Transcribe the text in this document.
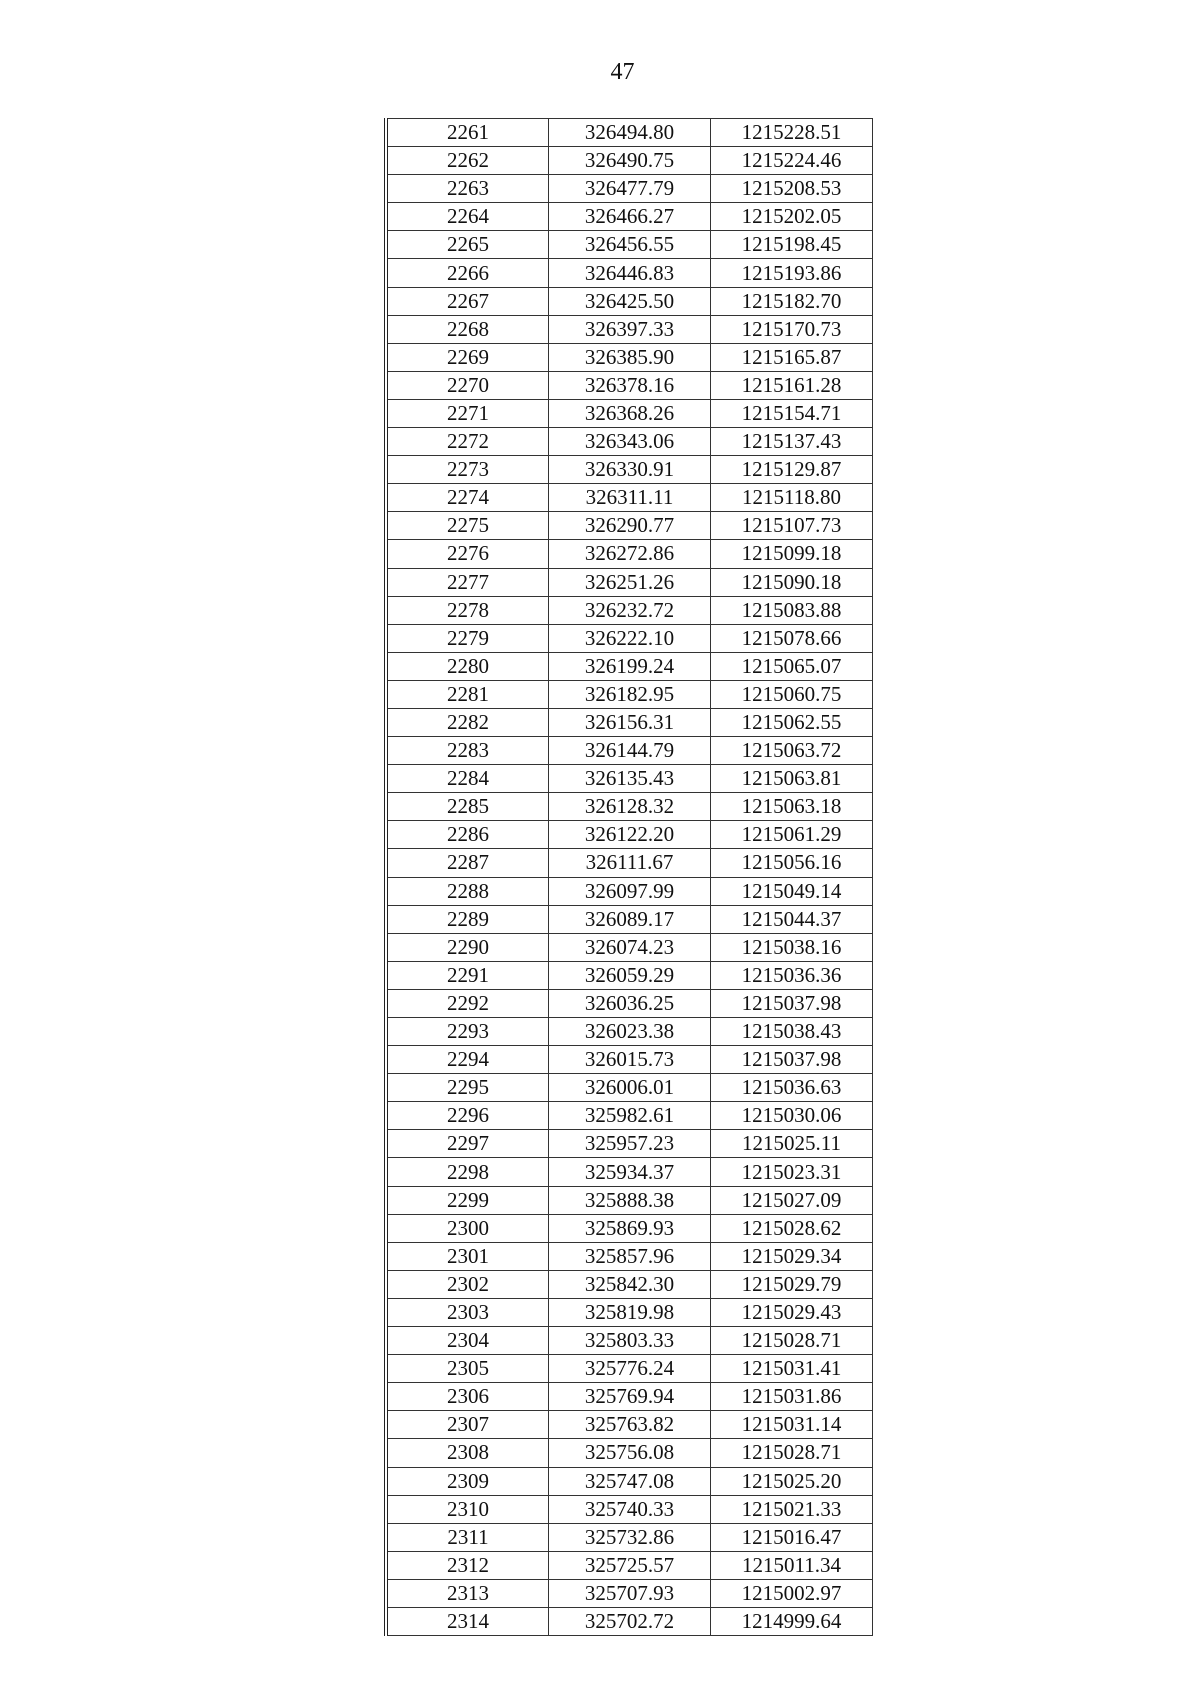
47
2261	326494.80	1215228.51
2262	326490.75	1215224.46
2263	326477.79	1215208.53
2264	326466.27	1215202.05
2265	326456.55	1215198.45
2266	326446.83	1215193.86
2267	326425.50	1215182.70
2268	326397.33	1215170.73
2269	326385.90	1215165.87
2270	326378.16	1215161.28
2271	326368.26	1215154.71
2272	326343.06	1215137.43
2273	326330.91	1215129.87
2274	326311.11	1215118.80
2275	326290.77	1215107.73
2276	326272.86	1215099.18
2277	326251.26	1215090.18
2278	326232.72	1215083.88
2279	326222.10	1215078.66
2280	326199.24	1215065.07
2281	326182.95	1215060.75
2282	326156.31	1215062.55
2283	326144.79	1215063.72
2284	326135.43	1215063.81
2285	326128.32	1215063.18
2286	326122.20	1215061.29
2287	326111.67	1215056.16
2288	326097.99	1215049.14
2289	326089.17	1215044.37
2290	326074.23	1215038.16
2291	326059.29	1215036.36
2292	326036.25	1215037.98
2293	326023.38	1215038.43
2294	326015.73	1215037.98
2295	326006.01	1215036.63
2296	325982.61	1215030.06
2297	325957.23	1215025.11
2298	325934.37	1215023.31
2299	325888.38	1215027.09
2300	325869.93	1215028.62
2301	325857.96	1215029.34
2302	325842.30	1215029.79
2303	325819.98	1215029.43
2304	325803.33	1215028.71
2305	325776.24	1215031.41
2306	325769.94	1215031.86
2307	325763.82	1215031.14
2308	325756.08	1215028.71
2309	325747.08	1215025.20
2310	325740.33	1215021.33
2311	325732.86	1215016.47
2312	325725.57	1215011.34
2313	325707.93	1215002.97
2314	325702.72	1214999.64
